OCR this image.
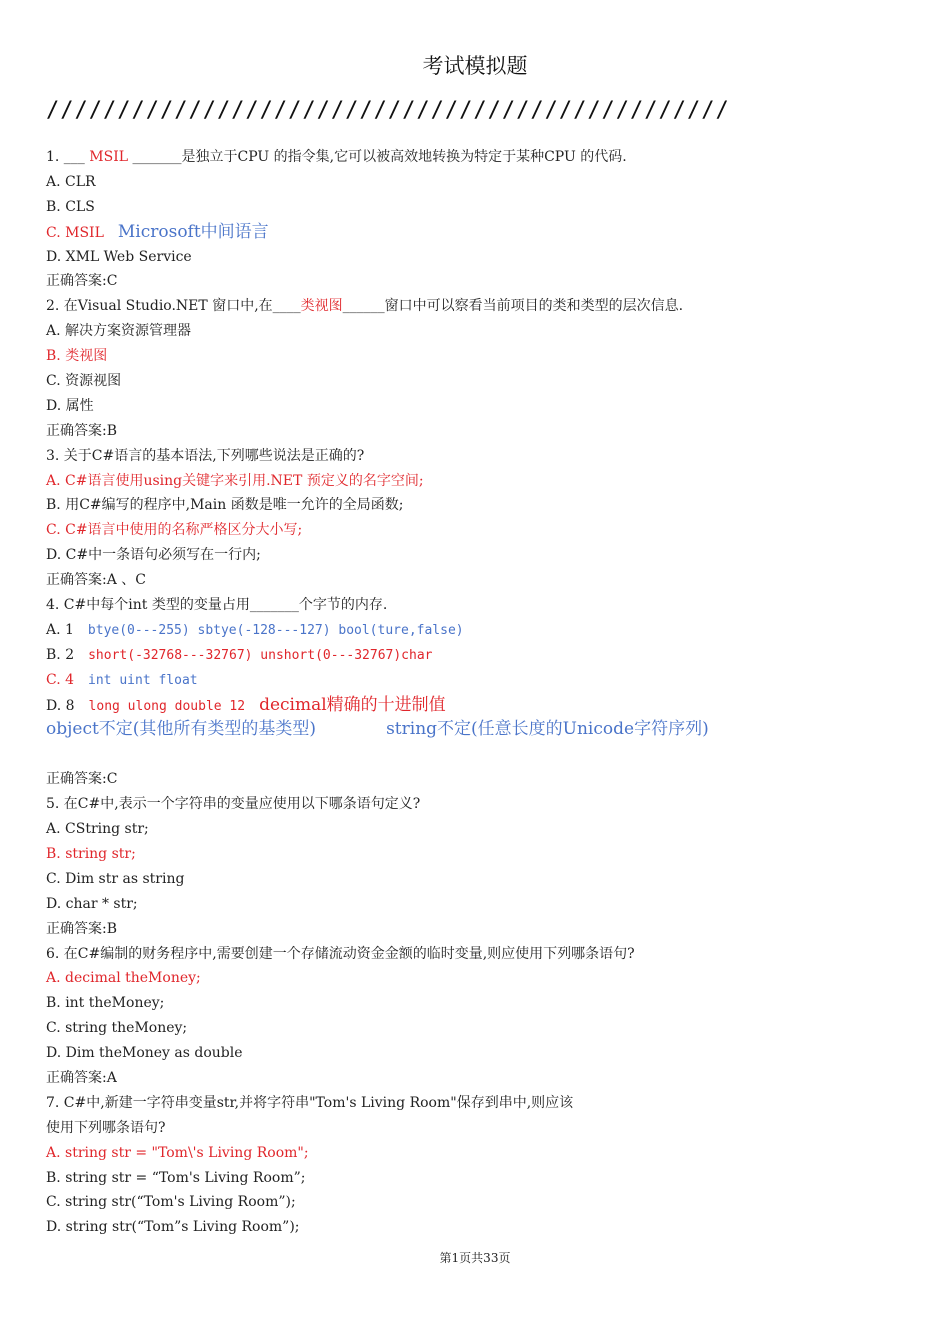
考试模拟题
////////////////////////////////////////////////
1. ___ MSIL _______是独立于CPU 的指令集,它可以被高效地转换为特定于某种CPU 的代码.
A. CLR
B. CLS
C. MSIL Microsoft中间语言
D. XML Web Service
正确答案:C
2. 在Visual Studio.NET 窗口中,在____类视图______窗口中可以察看当前项目的类和类型的层次信息.
A. 解决方案资源管理器
B. 类视图
C. 资源视图
D. 属性
正确答案:B
3. 关于C#语言的基本语法,下列哪些说法是正确的?
A. C#语言使用using关键字来引用.NET 预定义的名字空间;
B. 用C#编写的程序中,Main 函数是唯一允许的全局函数;
C. C#语言中使用的名称严格区分大小写;
D. C#中一条语句必须写在一行内;
正确答案:A 、C
4. C#中每个int 类型的变量占用_______个字节的内存.
A. 1 btye(0---255) sbtye(-128---127) bool(ture,false)
B. 2 short(-32768---32767) unshort(0---32767)char
C. 4 int uint float
D. 8 long ulong double 12 decimal精确的十进制值
object不定(其他所有类型的基类型)	string不定(任意长度的Unicode字符序列)
正确答案:C
5. 在C#中,表示一个字符串的变量应使用以下哪条语句定义?
A. CString str;
B. string str;
C. Dim str as string
D. char * str;
正确答案:B
6. 在C#编制的财务程序中,需要创建一个存储流动资金金额的临时变量,则应使用下列哪条语句?
A. decimal theMoney;
B. int theMoney;
C. string theMoney;
D. Dim theMoney as double
正确答案:A
7. C#中,新建一字符串变量str,并将字符串"Tom's Living Room"保存到串中,则应该
使用下列哪条语句?
A. string str = "Tom\'s Living Room";
B. string str = “Tom's Living Room”;
C. string str(“Tom's Living Room”);
D. string str(“Tom”s Living Room”);
第1页共33页
